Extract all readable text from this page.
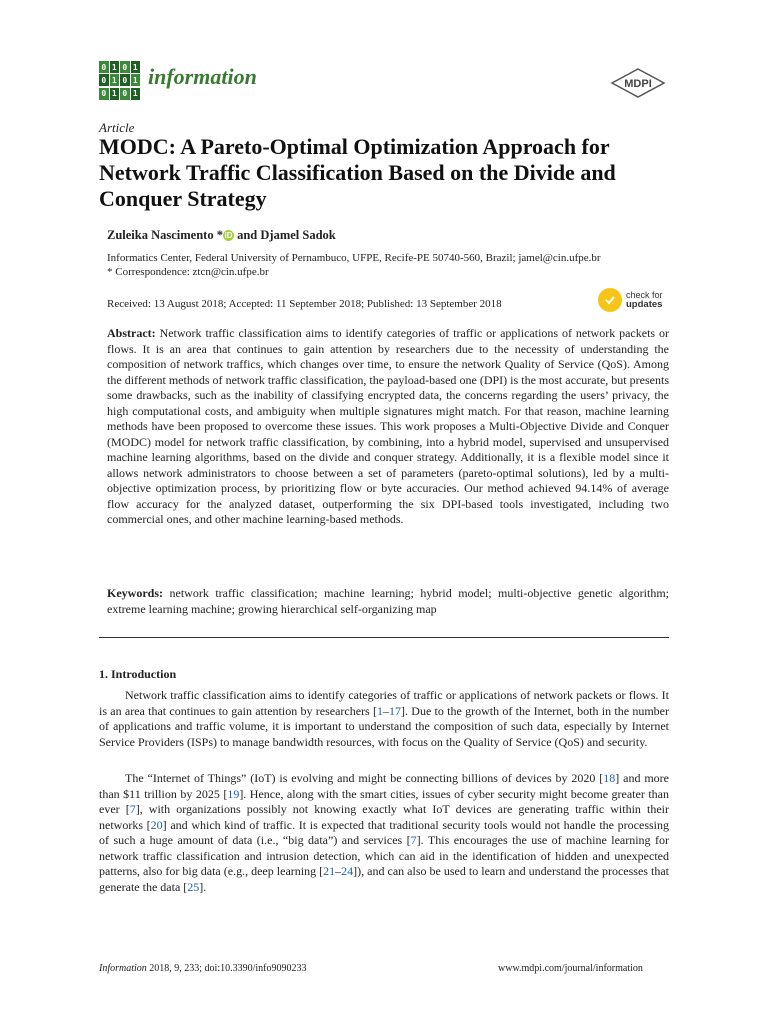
0 1 0 1
0 1 0 1
0 1 0 1
information	MDPI
Article
MODC: A Pareto-Optimal Optimization Approach for Network Traffic Classification Based on the Divide and Conquer Strategy
Zuleika Nascimento * iD and Djamel Sadok
Informatics Center, Federal University of Pernambuco, UFPE, Recife-PE 50740-560, Brazil; jamel@cin.ufpe.br
* Correspondence: ztcn@cin.ufpe.br
Received: 13 August 2018; Accepted: 11 September 2018; Published: 13 September 2018
check for
updates
Abstract: Network traffic classification aims to identify categories of traffic or applications of network packets or flows. It is an area that continues to gain attention by researchers due to the necessity of understanding the composition of network traffics, which changes over time, to ensure the network Quality of Service (QoS). Among the different methods of network traffic classification, the payload-based one (DPI) is the most accurate, but presents some drawbacks, such as the inability of classifying encrypted data, the concerns regarding the users’ privacy, the high computational costs, and ambiguity when multiple signatures might match. For that reason, machine learning methods have been proposed to overcome these issues. This work proposes a Multi-Objective Divide and Conquer (MODC) model for network traffic classification, by combining, into a hybrid model, supervised and unsupervised machine learning algorithms, based on the divide and conquer strategy. Additionally, it is a flexible model since it allows network administrators to choose between a set of parameters (pareto-optimal solutions), led by a multi-objective optimization process, by prioritizing flow or byte accuracies. Our method achieved 94.14% of average flow accuracy for the analyzed dataset, outperforming the six DPI-based tools investigated, including two commercial ones, and other machine learning-based methods.
Keywords: network traffic classification; machine learning; hybrid model; multi-objective genetic algorithm; extreme learning machine; growing hierarchical self-organizing map
1. Introduction
Network traffic classification aims to identify categories of traffic or applications of network packets or flows. It is an area that continues to gain attention by researchers [1–17]. Due to the growth of the Internet, both in the number of applications and traffic volume, it is important to understand the composition of such data, especially by Internet Service Providers (ISPs) to manage bandwidth resources, with focus on the Quality of Service (QoS) and security.
The “Internet of Things” (IoT) is evolving and might be connecting billions of devices by 2020 [18] and more than $11 trillion by 2025 [19]. Hence, along with the smart cities, issues of cyber security might become greater than ever [7], with organizations possibly not knowing exactly what IoT devices are generating traffic within their networks [20] and which kind of traffic. It is expected that traditional security tools would not handle the processing of such a huge amount of data (i.e., “big data”) and services [7]. This encourages the use of machine learning for network traffic classification and intrusion detection, which can aid in the identification of hidden and unexpected patterns, also for big data (e.g., deep learning [21–24]), and can also be used to learn and understand the processes that generate the data [25].
Information 2018, 9, 233; doi:10.3390/info9090233	www.mdpi.com/journal/information
